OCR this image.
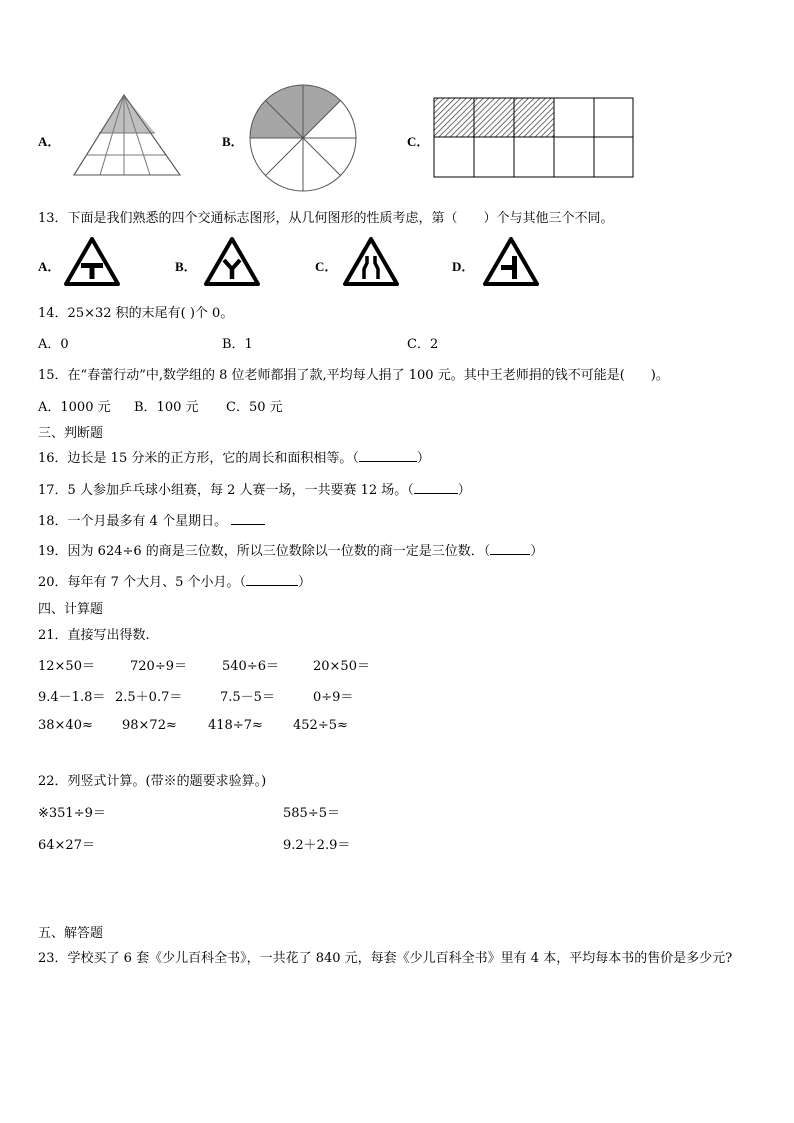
A．	B．	C．
13．下面是我们熟悉的四个交通标志图形，从几何图形的性质考虑，第（　　）个与其他三个不同。
A．	B．	C．	D．
14．25×32 积的末尾有( )个 0。
A．0	B．1	C．2
15．在“春蕾行动”中,数学组的 8 位老师都捐了款,平均每人捐了 100 元。其中王老师捐的钱不可能是(　　)。
A．1000 元 B．100 元 C．50 元
三、判断题
16．边长是 15 分米的正方形，它的周长和面积相等。（	）
17．5 人参加乒乓球小组赛，每 2 人赛一场，一共要赛 12 场。（	）
18．一个月最多有 4 个星期日。
19．因为 624÷6 的商是三位数，所以三位数除以一位数的商一定是三位数．（	）
20．每年有 7 个大月、5 个小月。（	）
四、计算题
21．直接写出得数.
12×50＝	720÷9＝	540÷6＝	20×50＝
9.4－1.8＝ 2.5＋0.7＝	7.5－5＝	0÷9＝
38×40≈ 98×72≈ 418÷7≈ 452÷5≈
22．列竖式计算。(带※的题要求验算。)
※351÷9＝	585÷5＝
64×27＝	9.2＋2.9＝
五、解答题
23．学校买了 6 套《少儿百科全书》，一共花了 840 元，每套《少儿百科全书》里有 4 本，平均每本书的售价是多少元?
